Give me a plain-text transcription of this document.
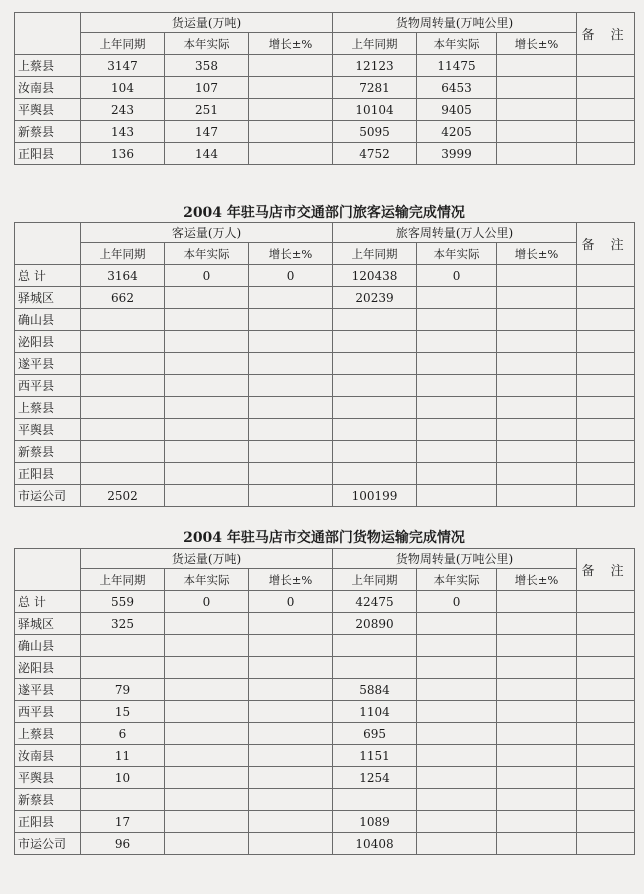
	货运量(万吨)			货物周转量(万吨公里)			备 注
	上年同期	本年实际	增长±%	上年同期	本年实际	增长±%	
上蔡县	3147	358		12123	11475		
汝南县	104	107		7281	6453		
平舆县	243	251		10104	9405		
新蔡县	143	147		5095	4205		
正阳县	136	144		4752	3999		
2004 年驻马店市交通部门旅客运输完成情况
	客运量(万人)			旅客周转量(万人公里)			备 注
	上年同期	本年实际	增长±%	上年同期	本年实际	增长±%	
总 计	3164	0	0	120438	0		
驿城区	662			20239			
确山县							
泌阳县							
遂平县							
西平县							
上蔡县							
平舆县							
新蔡县							
正阳县							
市运公司	2502			100199			
2004 年驻马店市交通部门货物运输完成情况
	货运量(万吨)			货物周转量(万吨公里)			备 注
	上年同期	本年实际	增长±%	上年同期	本年实际	增长±%	
总 计	559	0	0	42475	0		
驿城区	325			20890			
确山县							
泌阳县							
遂平县	79			5884			
西平县	15			1104			
上蔡县	6			695			
汝南县	11			1151			
平舆县	10			1254			
新蔡县							
正阳县	17			1089			
市运公司	96			10408			
